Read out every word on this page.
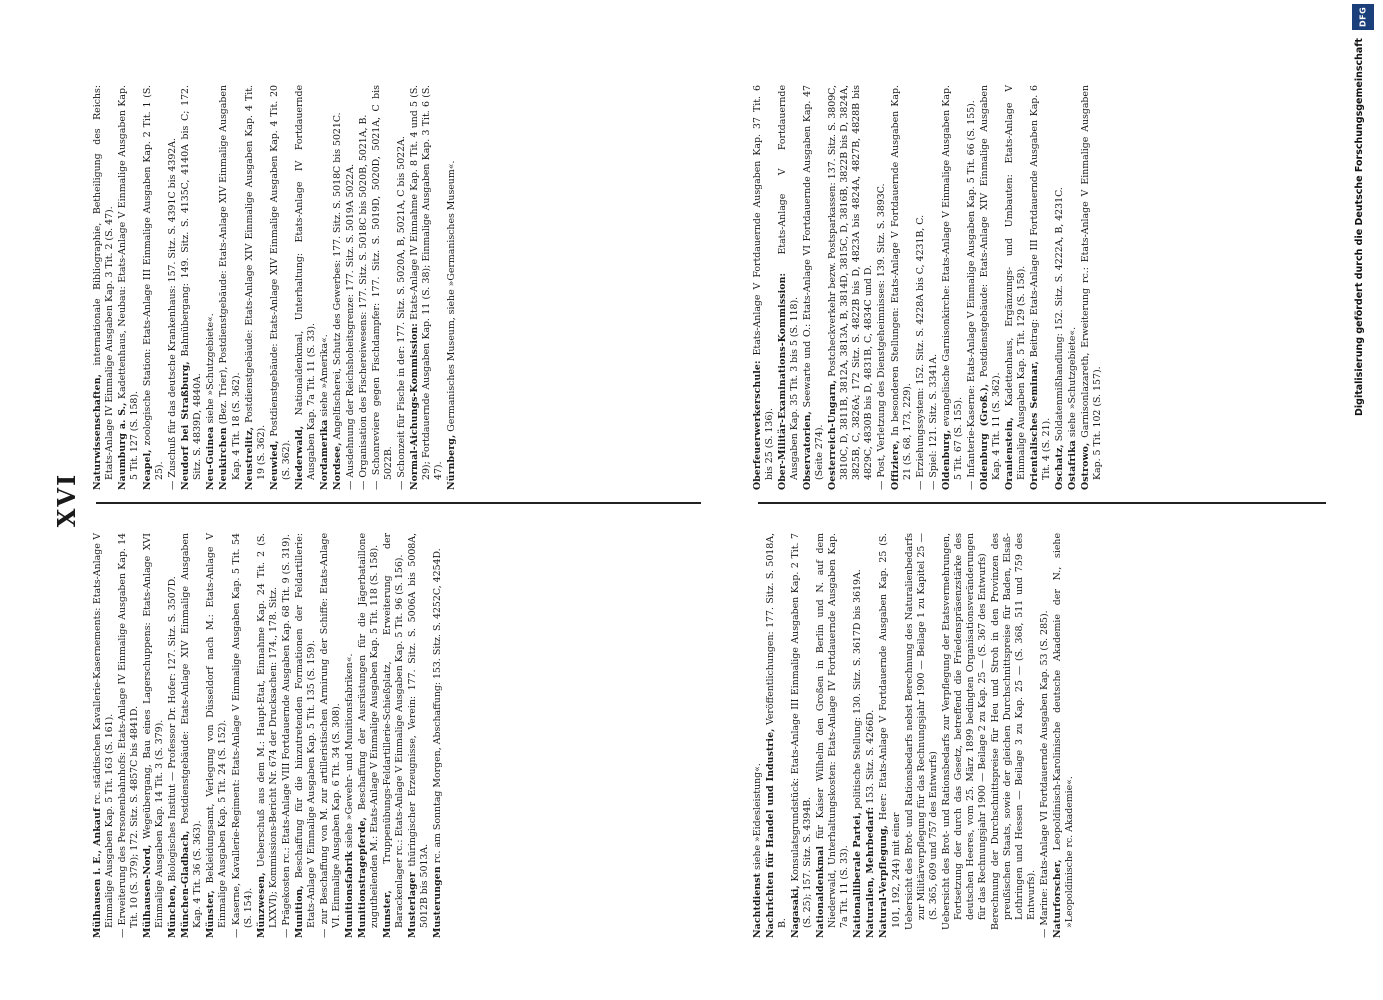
XVI

Mülhausen i. E., Ankauf rc. städtischen Kavallerie-Kasernements: Etats-Anlage V Einmalige Ausgaben Kap. 5 Tit. 163 (S. 161). — Erweiterung des Personenbahnhofs: Etats-Anlage IV Einmalige Ausgaben Kap. 14 Tit. 10 (S. 379); 172. Sitz. S. 4857C bis 4841D. Mülhausen-Nord, Wegeübergang, Bau eines Lagerschuppens: Etats-Anlage XVI Einmalige Ausgaben Kap. 14 Tit. 3 (S. 379). München, Biologisches Institut — Professor Dr. Hofer: 127. Sitz. S. 3507D.

München-Gladbach, Postdienstgebäude: Etats-Anlage XIV Einmalige Ausgaben Kap. 4 Tit. 36 (S. 363). Münster, Bekleidungsamt, Verlegung von Düsseldorf nach M.: Etats-Anlage V Einmalige Ausgaben Kap. 5 Tit. 24 (S. 152). — Kaserne, Kavallerie-Regiment: Etats-Anlage V Einmalige Ausgaben Kap. 5 Tit. 54 (S. 154). Münzwesen, Ueberschuß aus dem M.: Haupt-Etat, Einnahme Kap. 24 Tit. 2 (S. LXXVI); Kommissions-Bericht Nr. 674 der Drucksachen: 174., 178. Sitz. — Prägekosten rc.: Etats-Anlage VIII Fortdauernde Ausgaben Kap. 68 Tit. 9 (S. 319). Munition, Beschaffung für die hinzutretenden Formationen der Feldartillerie: Etats-Anlage V Einmalige Ausgaben Kap. 5 Tit. 135 (S. 159). — zur Beschaffung von M. zur artilleristischen Armirung der Schiffe: Etats-Anlage VI. Einmalige Ausgaben Kap. 6 Tit. 34 (S. 308). Munitionsfabrik siehe »Gewehr- und Munitionsfabriken«.

Munitionstragepferde, Beschaffung der Ausrüstungen für die Jägerbataillone zugutheilenden M.: Etats-Anlage V Einmalige Ausgaben Kap. 5 Tit. 118 (S. 158). Munster, Truppenübungs-Feldartillerie-Schießplatz, Erweiterung der Barackenlager rc.: Etats-Anlage V Einmalige Ausgaben Kap. 5 Tit. 96 (S. 156). Musterlager thüringischer Erzeugnisse, Verein: 177. Sitz. S. 5006A bis 5008A, 5012B bis 5013A. Musterungen rc. am Sonntag Morgen, Abschaffung: 153. Sitz. S. 4252C, 4254D.

Naturwissenschaften, internationale Bibliographie, Betheiligung des Reichs: Etats-Anlage IV Einmalige Ausgaben Kap. 3 Tit. 2 (S. 47). Naumburg a. S., Kadettenhaus, Neubau: Etats-Anlage V Einmalige Ausgaben Kap. 5 Tit. 127 (S. 158). Neapel, zoologische Station: Etats-Anlage III Einmalige Ausgaben Kap. 2 Tit. 1 (S. 25). — Zuschuß für das deutsche Krankenhaus: 157. Sitz. S. 4391C bis 4392A. Neudorf bei Straßburg, Bahnübergang: 149. Sitz. S. 4135C, 4140A bis C; 172. Sitz. S. 4839D, 4840A. Neu-Guinea siehe »Schutzgebiete«.

Neukirchen (Bez. Trier), Postdienstgebäude: Etats-Anlage XIV Einmalige Ausgaben Kap. 4 Tit. 18 (S. 362). Neustrelitz, Postdienstgebäude: Etats-Anlage XIV Einmalige Ausgaben Kap. 4 Tit. 19 (S. 362). Neuwied, Postdienstgebäude: Etats-Anlage XIV Einmalige Ausgaben Kap. 4 Tit. 20 (S. 362). Niederwald, Nationaldenkmal, Unterhaltung: Etats-Anlage IV Fortdauernde Ausgaben Kap. 7a Tit. 11 (S. 33). Nordamerika siehe »Amerika«.

Nordsee, Angelfischerei, Schutz des Gewerbes: 177. Sitz. S. 5018C bis 5021C. — Ausdehnung der Reichshoheitsgrenze: 177. Sitz. S. 5019A 5022A. — Organisation des Fischereiwesens: 177. Sitz. S. 5018C bis 5020B, 5021A, B. — Schonreviere gegen Fischdampfer: 177. Sitz. S. 5019D, 5020D, 5021A, C bis 5022B. — Schonzeit für Fische in der: 177. Sitz. S. 5020A, B, 5021A, C bis 5022A. Normal-Aichungs-Kommission: Etats-Anlage IV Einnahme Kap. 8 Tit. 4 und 5 (S. 29); Fortdauernde Ausgaben Kap. 11 (S. 38); Einmalige Ausgaben Kap. 3 Tit. 6 (S. 47). Nürnberg, Germanisches Museum, siehe »Germanisches Museum«.

Nachtdienst siehe »Eidesleistung«. Nachrichten für Handel und Industrie, Veröffentlichungen: 177. Sitz. S. 5018A, B. Nagasaki, Konsulatsgrundstück: Etats-Anlage III Einmalige Ausgaben Kap. 2 Tit. 7 (S. 25); 157. Sitz. S. 4394B. Nationaldenkmal für Kaiser Wilhelm den Großen in Berlin und N. auf dem Niederwald, Unterhaltungskosten: Etats-Anlage IV Fortdauernde Ausgaben Kap. 7a Tit. 11 (S. 33). Nationalliberale Partei, politische Stellung: 130. Sitz. S. 3617D bis 3619A.

Naturalien, Mehrbedarf: 153. Sitz. S. 4266D.

Natural-Verpflegung, Heer: Etats-Anlage V Fortdauernde Ausgaben Kap. 25 (S. 101, 192, 244) mit einer Uebersicht des Brot- und Rationsbedarfs nebst Berechnung des Naturalienbedarfs zur Militärverpflegung für das Rechnungsjahr 1900 — Beilage 1 zu Kapitel 25 — (S. 365, 609 und 757 des Entwurfs) Uebersicht des Brot- und Rationsbedarfs zur Verpflegung der Etatsvermehrungen, Fortsetzung der durch das Gesetz, betreffend die Friedenspräsenzstärke des deutschen Heeres, vom 25. März 1899 bedingten Organisationsveränderungen für das Rechnungsjahr 1900 — Beilage 2 zu Kap. 25 — (S. 367 des Entwurfs) Berechnung der Durchschnittspreise für Heu und Stroh in den Provinzen des preußischen Staats, sowie der gleichen Durchschnittspreise für Baden, Elsaß-Lothringen und Hessen — Beilage 3 zu Kap. 25 — (S. 368, 511 und 759 des Entwurfs). — Marine: Etats-Anlage VI Fortdauernde Ausgaben Kap. 53 (S. 285). Naturforscher, Leopoldinisch-Karolinische deutsche Akademie der N., siehe »Leopoldinische rc. Akademie«.

Oberfeuerwerkerschule: Etats-Anlage V Fortdauernde Ausgaben Kap. 37 Tit. 6 bis 25 (S. 136). Ober-Militär-Examinations-Kommission: Etats-Anlage V Fortdauernde Ausgaben Kap. 35 Tit. 3 bis 5 (S. 118). Observatorien, Seewarte und O.: Etats-Anlage VI Fortdauernde Ausgaben Kap. 47 (Seite 274). Oesterreich-Ungarn, Postcheckverkehr bezw. Postsparkassen: 137. Sitz. S. 3809C, 3810C, D, 3811B, 3812A, 3813A, B, 3814D, 3815C, D, 3816B, 3822B bis D, 3824A, 3825B, C, 3826A; 172 Sitz. S. 4822B bis D, 4823A bis 4824A, 4827B, 4828B bis 4829C, 4830B bis D, 4831B, C, 4834C und D. — Post, Verletzung des Dienstgeheimnisses: 139. Sitz. S. 3893C. Offiziere, In besonderen Stellungen: Etats-Anlage V Fortdauernde Ausgaben Kap. 21 (S. 68, 173, 229). — Erziehungssystem: 152. Sitz. S. 4228A bis C, 4231B, C. — Spiel: 121. Sitz. S. 3341A. Oldenburg, evangelische Garnisonkirche: Etats-Anlage V Einmalige Ausgaben Kap. 5 Tit. 67 (S. 155). — Infanterie-Kaserne: Etats-Anlage V Einmalige Ausgaben Kap. 5 Tit. 66 (S. 155). Oldenburg (Groß.), Postdienstgebäude: Etats-Anlage XIV Einmalige Ausgaben Kap. 4 Tit. 11 (S. 362). Oranienstein, Kadettenhaus, Ergänzungs- und Umbauten: Etats-Anlage V Einmalige Ausgaben Kap. 5 Tit. 129 (S. 158). Orientalisches Seminar, Beitrag: Etats-Anlage III Fortdauernde Ausgaben Kap. 6 Tit. 4 (S. 21). Oschatz, Soldatenmißhandlung: 152. Sitz. S. 4222A, B, 4231C.

Ostafrika siehe »Schutzgebiete«.

Ostrowo, Garnisonlazareth, Erweiterung rc.: Etats-Anlage V Einmalige Ausgaben Kap. 5 Tit. 102 (S. 157).

DFG
Digitalisierung gefördert durch die Deutsche Forschungsgemeinschaft
